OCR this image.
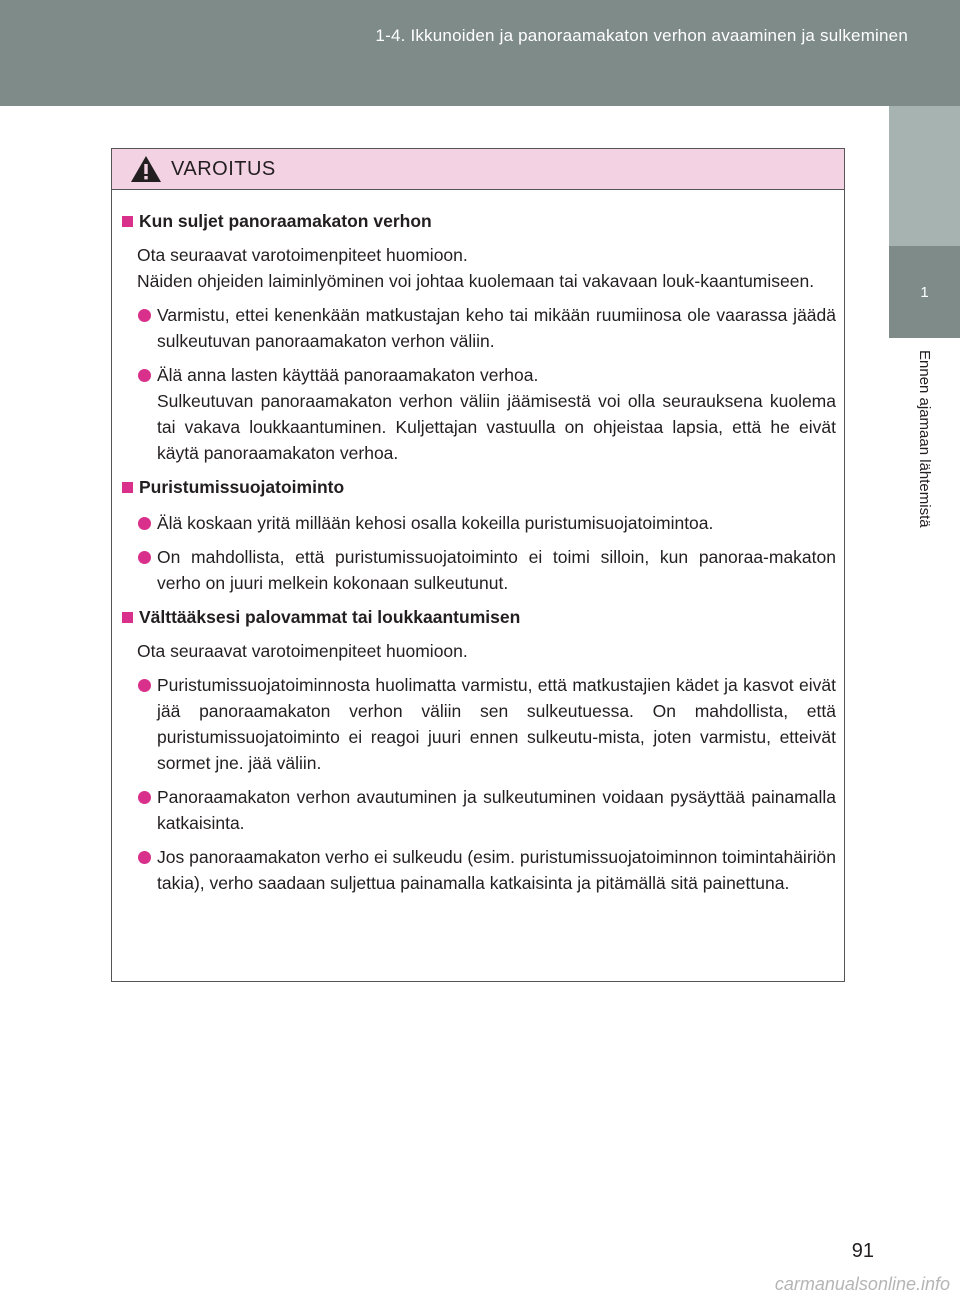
1-4. Ikkunoiden ja panoraamakaton verhon avaaminen ja sulkeminen
1
Ennen ajamaan lähtemistä
VAROITUS
Kun suljet panoraamakaton verhon

Ota seuraavat varotoimenpiteet huomioon.

Näiden ohjeiden laiminlyöminen voi johtaa kuolemaan tai vakavaan louk-kaantumiseen.

Varmistu, ettei kenenkään matkustajan keho tai mikään ruumiinosa ole vaarassa jäädä sulkeutuvan panoraamakaton verhon väliin.
Älä anna lasten käyttää panoraamakaton verhoa.
Sulkeutuvan panoraamakaton verhon väliin jäämisestä voi olla seurauksena kuolema tai vakava loukkaantuminen. Kuljettajan vastuulla on ohjeistaa lapsia, että he eivät käytä panoraamakaton verhoa.
Puristumissuojatoiminto
Älä koskaan yritä millään kehosi osalla kokeilla puristumisuojatoimintoa.
On mahdollista, että puristumissuojatoiminto ei toimi silloin, kun panoraa-makaton verho on juuri melkein kokonaan sulkeutunut.
Välttääksesi palovammat tai loukkaantumisen

Ota seuraavat varotoimenpiteet huomioon.

Puristumissuojatoiminnosta huolimatta varmistu, että matkustajien kädet ja kasvot eivät jää panoraamakaton verhon väliin sen sulkeutuessa. On mahdollista, että puristumissuojatoiminto ei reagoi juuri ennen sulkeutu-mista, joten varmistu, etteivät sormet jne. jää väliin.
Panoraamakaton verhon avautuminen ja sulkeutuminen voidaan pysäyttää painamalla katkaisinta.
Jos panoraamakaton verho ei sulkeudu (esim. puristumissuojatoiminnon toimintahäiriön takia), verho saadaan suljettua painamalla katkaisinta ja pitämällä sitä painettuna.
91
carmanualsonline.info
